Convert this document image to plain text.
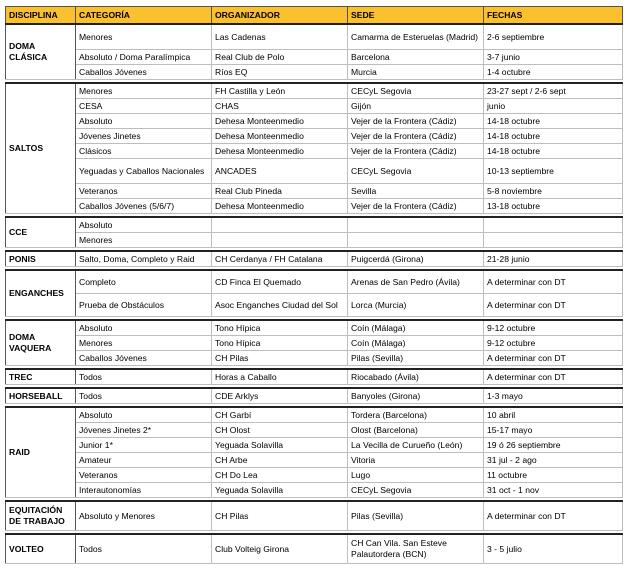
DISCIPLINA	CATEGORÍA	ORGANIZADOR	SEDE	FECHAS
DOMA CLÁSICA	Menores	Las Cadenas	Camarma de Esteruelas (Madrid)	2-6 septiembre
	Absoluto / Doma Paralímpica	Real Club de Polo	Barcelona	3-7 junio
	Caballos Jóvenes	Ríos EQ	Murcia	1-4 octubre

SALTOS	Menores	FH Castilla y León	CECyL Segovia	23-27 sept / 2-6 sept
	CESA	CHAS	Gijón	junio
	Absoluto	Dehesa Monteenmedio	Vejer de la Frontera (Cádiz)	14-18 octubre
	Jóvenes Jinetes	Dehesa Monteenmedio	Vejer de la Frontera (Cádiz)	14-18 octubre
	Clásicos	Dehesa Monteenmedio	Vejer de la Frontera (Cádiz)	14-18 octubre
	Yeguadas y Caballos Nacionales	ANCADES	CECyL Segovia	10-13 septiembre
	Veteranos	Real Club Pineda	Sevilla	5-8 noviembre
	Caballos Jóvenes (5/6/7)	Dehesa Monteenmedio	Vejer de la Frontera (Cádiz)	13-18 octubre

CCE	Absoluto			
	Menores			

PONIS	Salto, Doma, Completo y Raid	CH Cerdanya / FH Catalana	Puigcerdá (Girona)	21-28 junio

ENGANCHES	Completo	CD Finca El Quemado	Arenas de San Pedro (Ávila)	A determinar con DT
	Prueba de Obstáculos	Asoc Enganches Ciudad del Sol	Lorca (Murcia)	A determinar con DT

DOMA VAQUERA	Absoluto	Tono Hípica	Coín (Málaga)	9-12 octubre
	Menores	Tono Hípica	Coín (Málaga)	9-12 octubre
	Caballos Jóvenes	CH Pilas	Pilas (Sevilla)	A determinar con DT

TREC	Todos	Horas a Caballo	Riocabado (Ávila)	A determinar con DT

HORSEBALL	Todos	CDE Arklys	Banyoles (Girona)	1-3 mayo

RAID	Absoluto	CH Garbí	Tordera (Barcelona)	10 abril
	Jóvenes Jinetes 2*	CH Olost	Olost (Barcelona)	15-17 mayo
	Junior 1*	Yeguada Solavilla	La Vecilla de Curueño (León)	19 ó 26 septiembre
	Amateur	CH Arbe	Vitoria	31 jul - 2 ago
	Veteranos	CH Do Lea	Lugo	11 octubre
	Interautonomías	Yeguada Solavilla	CECyL Segovia	31 oct - 1 nov

EQUITACIÓN DE TRABAJO	Absoluto y Menores	CH Pilas	Pilas (Sevilla)	A determinar con DT

VOLTEO	Todos	Club Volteig Girona	CH Can Vila. San Esteve Palautordera (BCN)	3 - 5 julio
